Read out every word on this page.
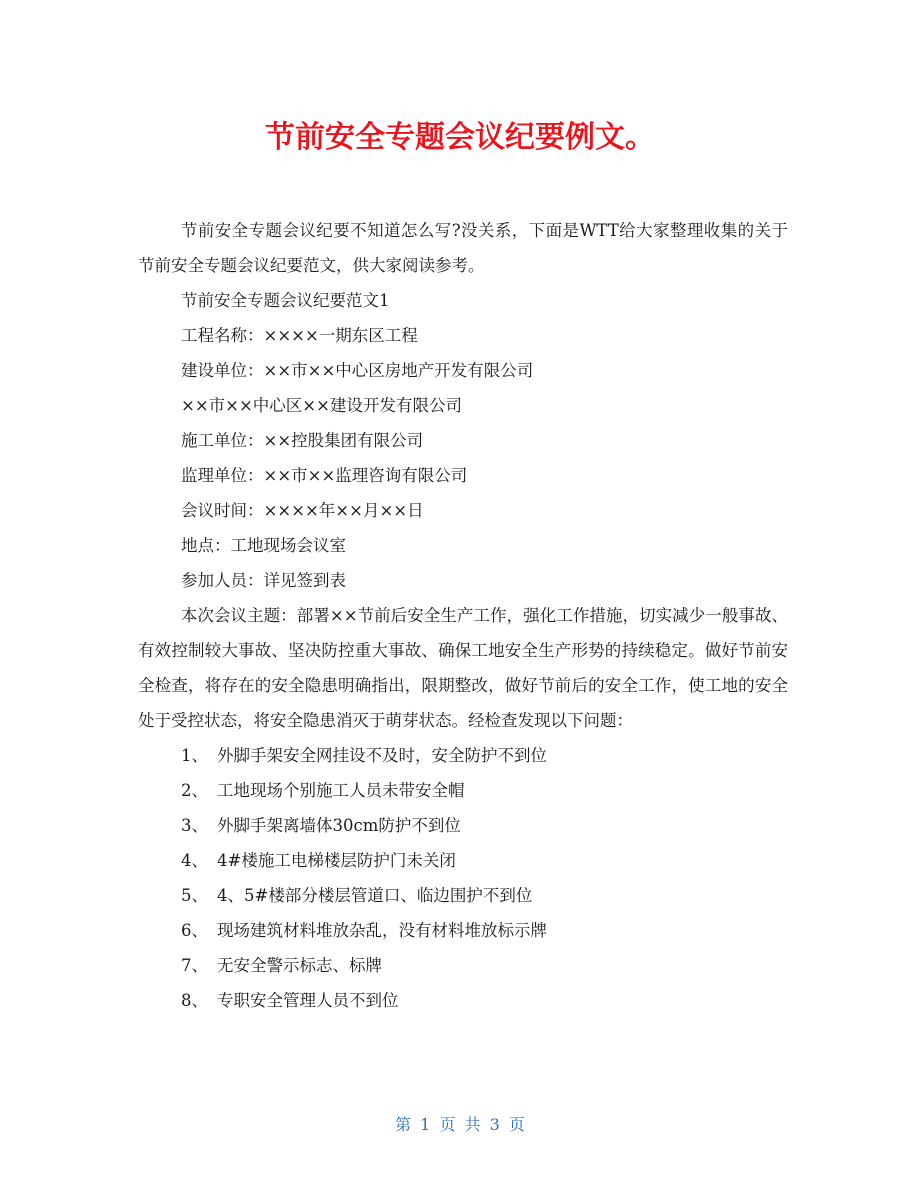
节前安全专题会议纪要例文。

节前安全专题会议纪要不知道怎么写?没关系，下面是WTT给大家整理收集的关于节前安全专题会议纪要范文，供大家阅读参考。

节前安全专题会议纪要范文1

工程名称：××××一期东区工程

建设单位：××市××中心区房地产开发有限公司

××市××中心区××建设开发有限公司

施工单位：××控股集团有限公司

监理单位：××市××监理咨询有限公司

会议时间：××××年××月××日

地点：工地现场会议室

参加人员：详见签到表

本次会议主题：部署××节前后安全生产工作，强化工作措施，切实减少一般事故、有效控制较大事故、坚决防控重大事故、确保工地安全生产形势的持续稳定。做好节前安全检查，将存在的安全隐患明确指出，限期整改，做好节前后的安全工作，使工地的安全处于受控状态，将安全隐患消灭于萌芽状态。经检查发现以下问题：

1、 外脚手架安全网挂设不及时，安全防护不到位

2、 工地现场个别施工人员未带安全帽

3、 外脚手架离墙体30cm防护不到位

4、 4#楼施工电梯楼层防护门未关闭

5、 4、5#楼部分楼层管道口、临边围护不到位

6、 现场建筑材料堆放杂乱，没有材料堆放标示牌

7、 无安全警示标志、标牌

8、 专职安全管理人员不到位

第 1 页 共 3 页
